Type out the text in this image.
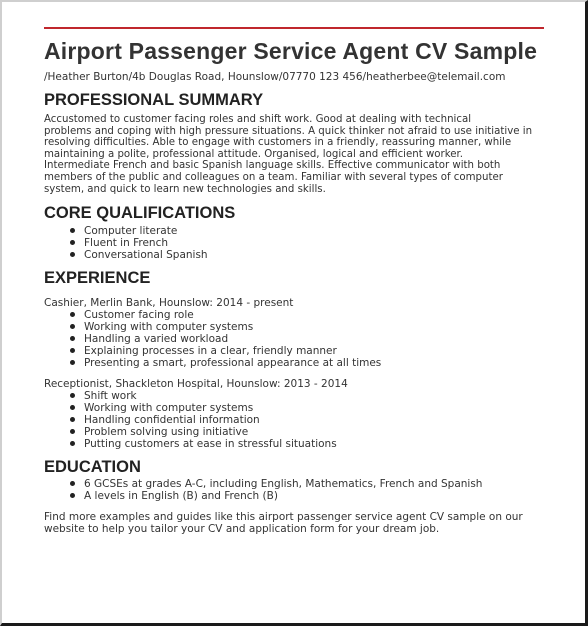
Airport Passenger Service Agent CV Sample
/Heather Burton/4b Douglas Road, Hounslow/07770 123 456/heatherbee@telemail.com
PROFESSIONAL SUMMARY
Accustomed to customer facing roles and shift work. Good at dealing with technical
problems and coping with high pressure situations. A quick thinker not afraid to use initiative in
resolving difficulties. Able to engage with customers in a friendly, reassuring manner, while
maintaining a polite, professional attitude. Organised, logical and efficient worker.
Intermediate French and basic Spanish language skills. Effective communicator with both
members of the public and colleagues on a team. Familiar with several types of computer
system, and quick to learn new technologies and skills.
CORE QUALIFICATIONS
Computer literate
Fluent in French
Conversational Spanish
EXPERIENCE
Cashier, Merlin Bank, Hounslow: 2014 - present
Customer facing role
Working with computer systems
Handling a varied workload
Explaining processes in a clear, friendly manner
Presenting a smart, professional appearance at all times
Receptionist, Shackleton Hospital, Hounslow: 2013 - 2014
Shift work
Working with computer systems
Handling confidential information
Problem solving using initiative
Putting customers at ease in stressful situations
EDUCATION
6 GCSEs at grades A-C, including English, Mathematics, French and Spanish
A levels in English (B) and French (B)
Find more examples and guides like this airport passenger service agent CV sample on our
website to help you tailor your CV and application form for your dream job.
